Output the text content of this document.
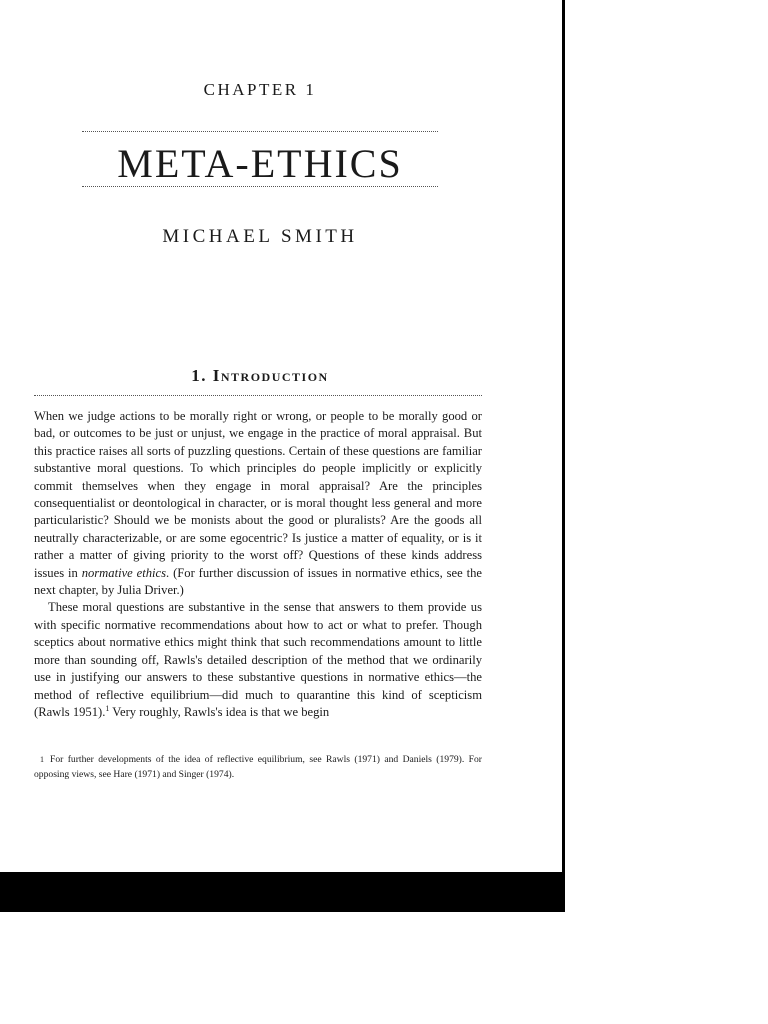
CHAPTER 1
META-ETHICS
MICHAEL SMITH
1. Introduction

When we judge actions to be morally right or wrong, or people to be morally good or bad, or outcomes to be just or unjust, we engage in the practice of moral appraisal. But this practice raises all sorts of puzzling questions. Certain of these questions are familiar substantive moral questions. To which principles do people implicitly or explicitly commit themselves when they engage in moral appraisal? Are the principles consequentialist or deontological in character, or is moral thought less general and more particularistic? Should we be monists about the good or pluralists? Are the goods all neutrally characterizable, or are some egocentric? Is justice a matter of equality, or is it rather a matter of giving priority to the worst off? Questions of these kinds address issues in normative ethics. (For further discussion of issues in normative ethics, see the next chapter, by Julia Driver.)

These moral questions are substantive in the sense that answers to them provide us with specific normative recommendations about how to act or what to prefer. Though sceptics about normative ethics might think that such recommendations amount to little more than sounding off, Rawls's detailed description of the method that we ordinarily use in justifying our answers to these substantive questions in normative ethics—the method of reflective equilibrium—did much to quarantine this kind of scepticism (Rawls 1951).$^1$ Very roughly, Rawls's idea is that we begin

1 For further developments of the idea of reflective equilibrium, see Rawls (1971) and Daniels (1979). For opposing views, see Hare (1971) and Singer (1974).
